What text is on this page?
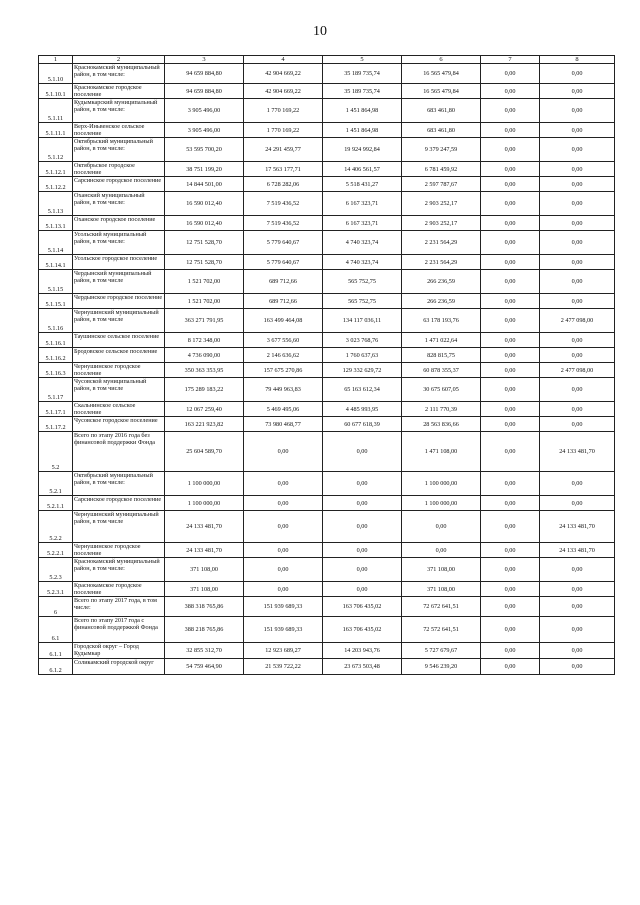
10
1	2	3	4	5	6	7	8
5.1.10	Краснокамский муниципальный район, в том числе:	94 659 884,80	42 904 669,22	35 189 735,74	16 565 479,84	0,00	0,00
5.1.10.1	Краснокамское городское поселение	94 659 884,80	42 904 669,22	35 189 735,74	16 565 479,84	0,00	0,00
5.1.11	Кудымкарский муниципальный район, в том числе:	3 905 496,00	1 770 169,22	1 451 864,98	683 461,80	0,00	0,00
5.1.11.1	Верх-Иньвенское сельское поселение	3 905 496,00	1 770 169,22	1 451 864,98	683 461,80	0,00	0,00
5.1.12	Октябрьский муниципальный район, в том числе:	53 595 700,20	24 291 459,77	19 924 992,84	9 379 247,59	0,00	0,00
5.1.12.1	Октябрьское городское поселение	38 751 199,20	17 563 177,71	14 406 561,57	6 781 459,92	0,00	0,00
5.1.12.2	Сарсинское городское поселение	14 844 501,00	6 728 282,06	5 518 431,27	2 597 787,67	0,00	0,00
5.1.13	Оханский муниципальный район, в том числе:	16 590 012,40	7 519 436,52	6 167 323,71	2 903 252,17	0,00	0,00
5.1.13.1	Оханское городское поселение	16 590 012,40	7 519 436,52	6 167 323,71	2 903 252,17	0,00	0,00
5.1.14	Усольский муниципальный район, в том числе:	12 751 528,70	5 779 640,67	4 740 323,74	2 231 564,29	0,00	0,00
5.1.14.1	Усольское городское поселение	12 751 528,70	5 779 640,67	4 740 323,74	2 231 564,29	0,00	0,00
5.1.15	Чердынский муниципальный район, в том числе	1 521 702,00	689 712,66	565 752,75	266 236,59	0,00	0,00
5.1.15.1	Чердынское городское поселение	1 521 702,00	689 712,66	565 752,75	266 236,59	0,00	0,00
5.1.16	Чернушинский муниципальный район, в том числе	363 271 791,95	163 499 464,08	134 117 036,11	63 178 193,76	0,00	2 477 098,00
5.1.16.1	Таушинское сельское поселение	8 172 348,00	3 677 556,60	3 023 768,76	1 471 022,64	0,00	0,00
5.1.16.2	Бродовское сельское поселение	4 736 090,00	2 146 636,62	1 760 637,63	828 815,75	0,00	0,00
5.1.16.3	Чернушинское городское поселение	350 363 353,95	157 675 270,86	129 332 629,72	60 878 355,37	0,00	2 477 098,00
5.1.17	Чусовской муниципальный район, в том числе	175 289 183,22	79 449 963,83	65 163 612,34	30 675 607,05	0,00	0,00
5.1.17.1	Скальнинское сельское поселение	12 067 259,40	5 469 495,06	4 485 993,95	2 111 770,39	0,00	0,00
5.1.17.2	Чусовское городское поселение	163 221 923,82	73 980 468,77	60 677 618,39	28 563 836,66	0,00	0,00
5.2	Всего по этапу 2016 года без финансовой поддержки Фонда	25 604 589,70	0,00	0,00	1 471 108,00	0,00	24 133 481,70
5.2.1	Октябрьский муниципальный район, в том числе:	1 100 000,00	0,00	0,00	1 100 000,00	0,00	0,00
5.2.1.1	Сарсинское городское поселение	1 100 000,00	0,00	0,00	1 100 000,00	0,00	0,00
5.2.2	Чернушинский муниципальный район, в том числе	24 133 481,70	0,00	0,00	0,00	0,00	24 133 481,70
5.2.2.1	Чернушинское городское поселение	24 133 481,70	0,00	0,00	0,00	0,00	24 133 481,70
5.2.3	Краснокамский муниципальный район, в том числе:	371 108,00	0,00	0,00	371 108,00	0,00	0,00
5.2.3.1	Краснокамское городское поселение	371 108,00	0,00	0,00	371 108,00	0,00	0,00
6	Всего по этапу 2017 года, в том числе:	388 318 765,86	151 939 689,33	163 706 435,02	72 672 641,51	0,00	0,00
6.1	Всего по этапу 2017 года с финансовой поддержкой Фонда	388 218 765,86	151 939 689,33	163 706 435,02	72 572 641,51	0,00	0,00
6.1.1	Городской округ – Город Кудымкар	32 855 312,70	12 923 689,27	14 203 943,76	5 727 679,67	0,00	0,00
6.1.2	Соликамский городской округ	54 759 464,90	21 539 722,22	23 673 503,48	9 546 239,20	0,00	0,00
